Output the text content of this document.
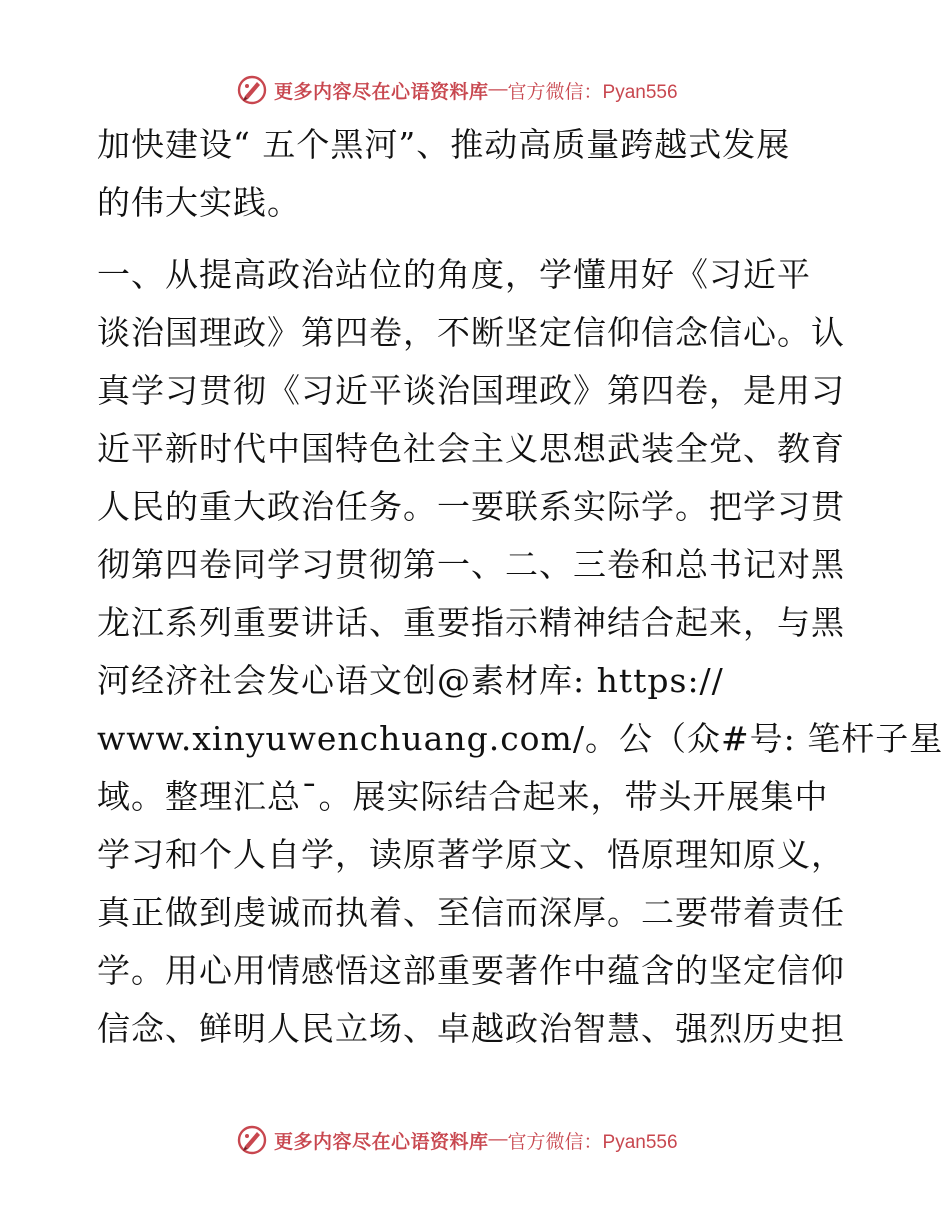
更多内容尽在心语资料库 — 官方微信：Pyan556
加快建设“ 五个黑河”、推动高质量跨越式发展
的伟大实践。
一、从提高政治站位的角度，学懂用好《习近平
谈治国理政》第四卷，不断坚定信仰信念信心。认
真学习贯彻《习近平谈治国理政》第四卷，是用习
近平新时代中国特色社会主义思想武装全党、教育
人民的重大政治任务。一要联系实际学。把学习贯
彻第四卷同学习贯彻第一、二、三卷和总书记对黑
龙江系列重要讲话、重要指示精神结合起来，与黑
河经济社会发心语文创@素材库: https://
www.xinyuwenchuang.com/。公（众#号: 笔杆子星
域。整理汇总¯。展实际结合起来，带头开展集中
学习和个人自学，读原著学原文、悟原理知原义，
真正做到虔诚而执着、至信而深厚。二要带着责任
学。用心用情感悟这部重要著作中蕴含的坚定信仰
信念、鲜明人民立场、卓越政治智慧、强烈历史担
更多内容尽在心语资料库 — 官方微信：Pyan556
